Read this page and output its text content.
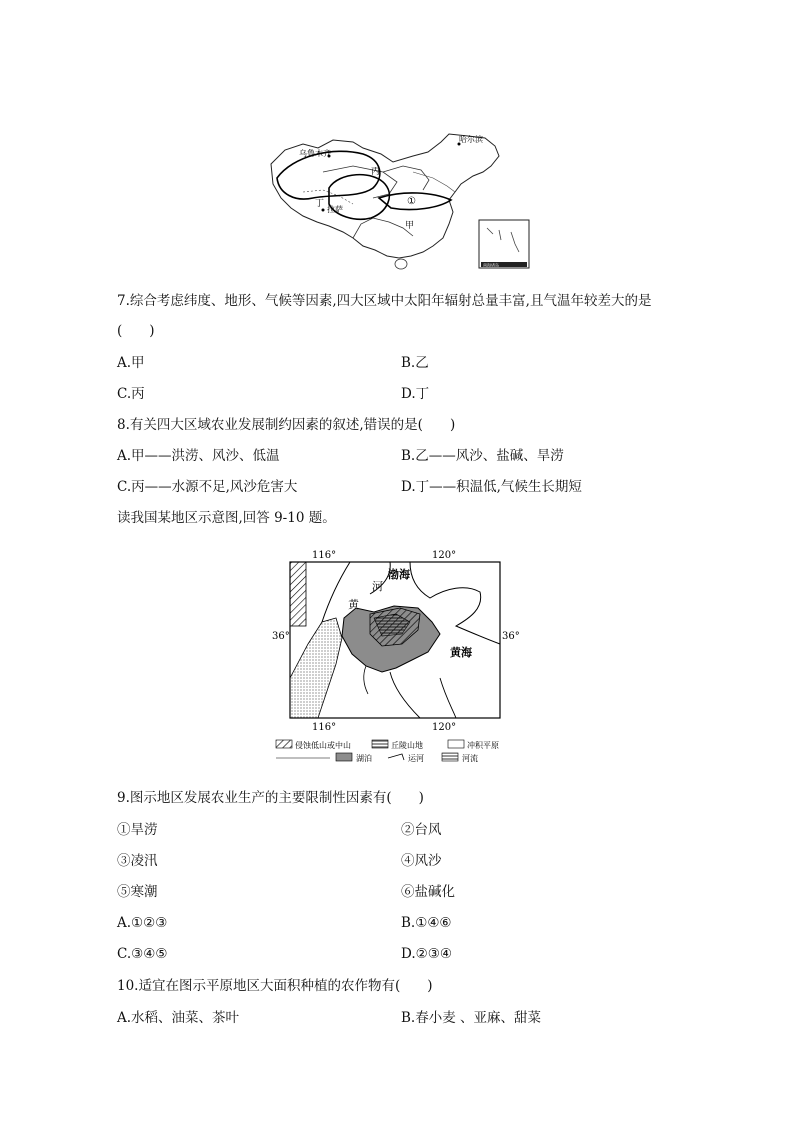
乌鲁木齐
哈尔滨
丙
丁
拉萨
甲
①
南海诸岛
7.综合考虑纬度、地形、气候等因素,四大区域中太阳年辐射总量丰富,且气温年较差大的是
(　　)
A.甲	B.乙
C.丙	D.丁
8.有关四大区域农业发展制约因素的叙述,错误的是(　　)
A.甲——洪涝、风沙、低温	B.乙——风沙、盐碱、旱涝
C.丙——水源不足,风沙危害大	D.丁——积温低,气候生长期短
读我国某地区示意图,回答 9-10 题。
116°	120°
116°	120°
36°	36°
渤海
黄海
河
黄
侵蚀低山或中山	丘陵山地	冲积平原
湖泊	运河	河流
9.图示地区发展农业生产的主要限制性因素有(　　)
①旱涝	②台风
③凌汛	④风沙
⑤寒潮	⑥盐碱化
A.①②③	B.①④⑥
C.③④⑤	D.②③④
10.适宜在图示平原地区大面积种植的农作物有(　　)
A.水稻、油菜、茶叶	B.春小麦 、亚麻、甜菜
